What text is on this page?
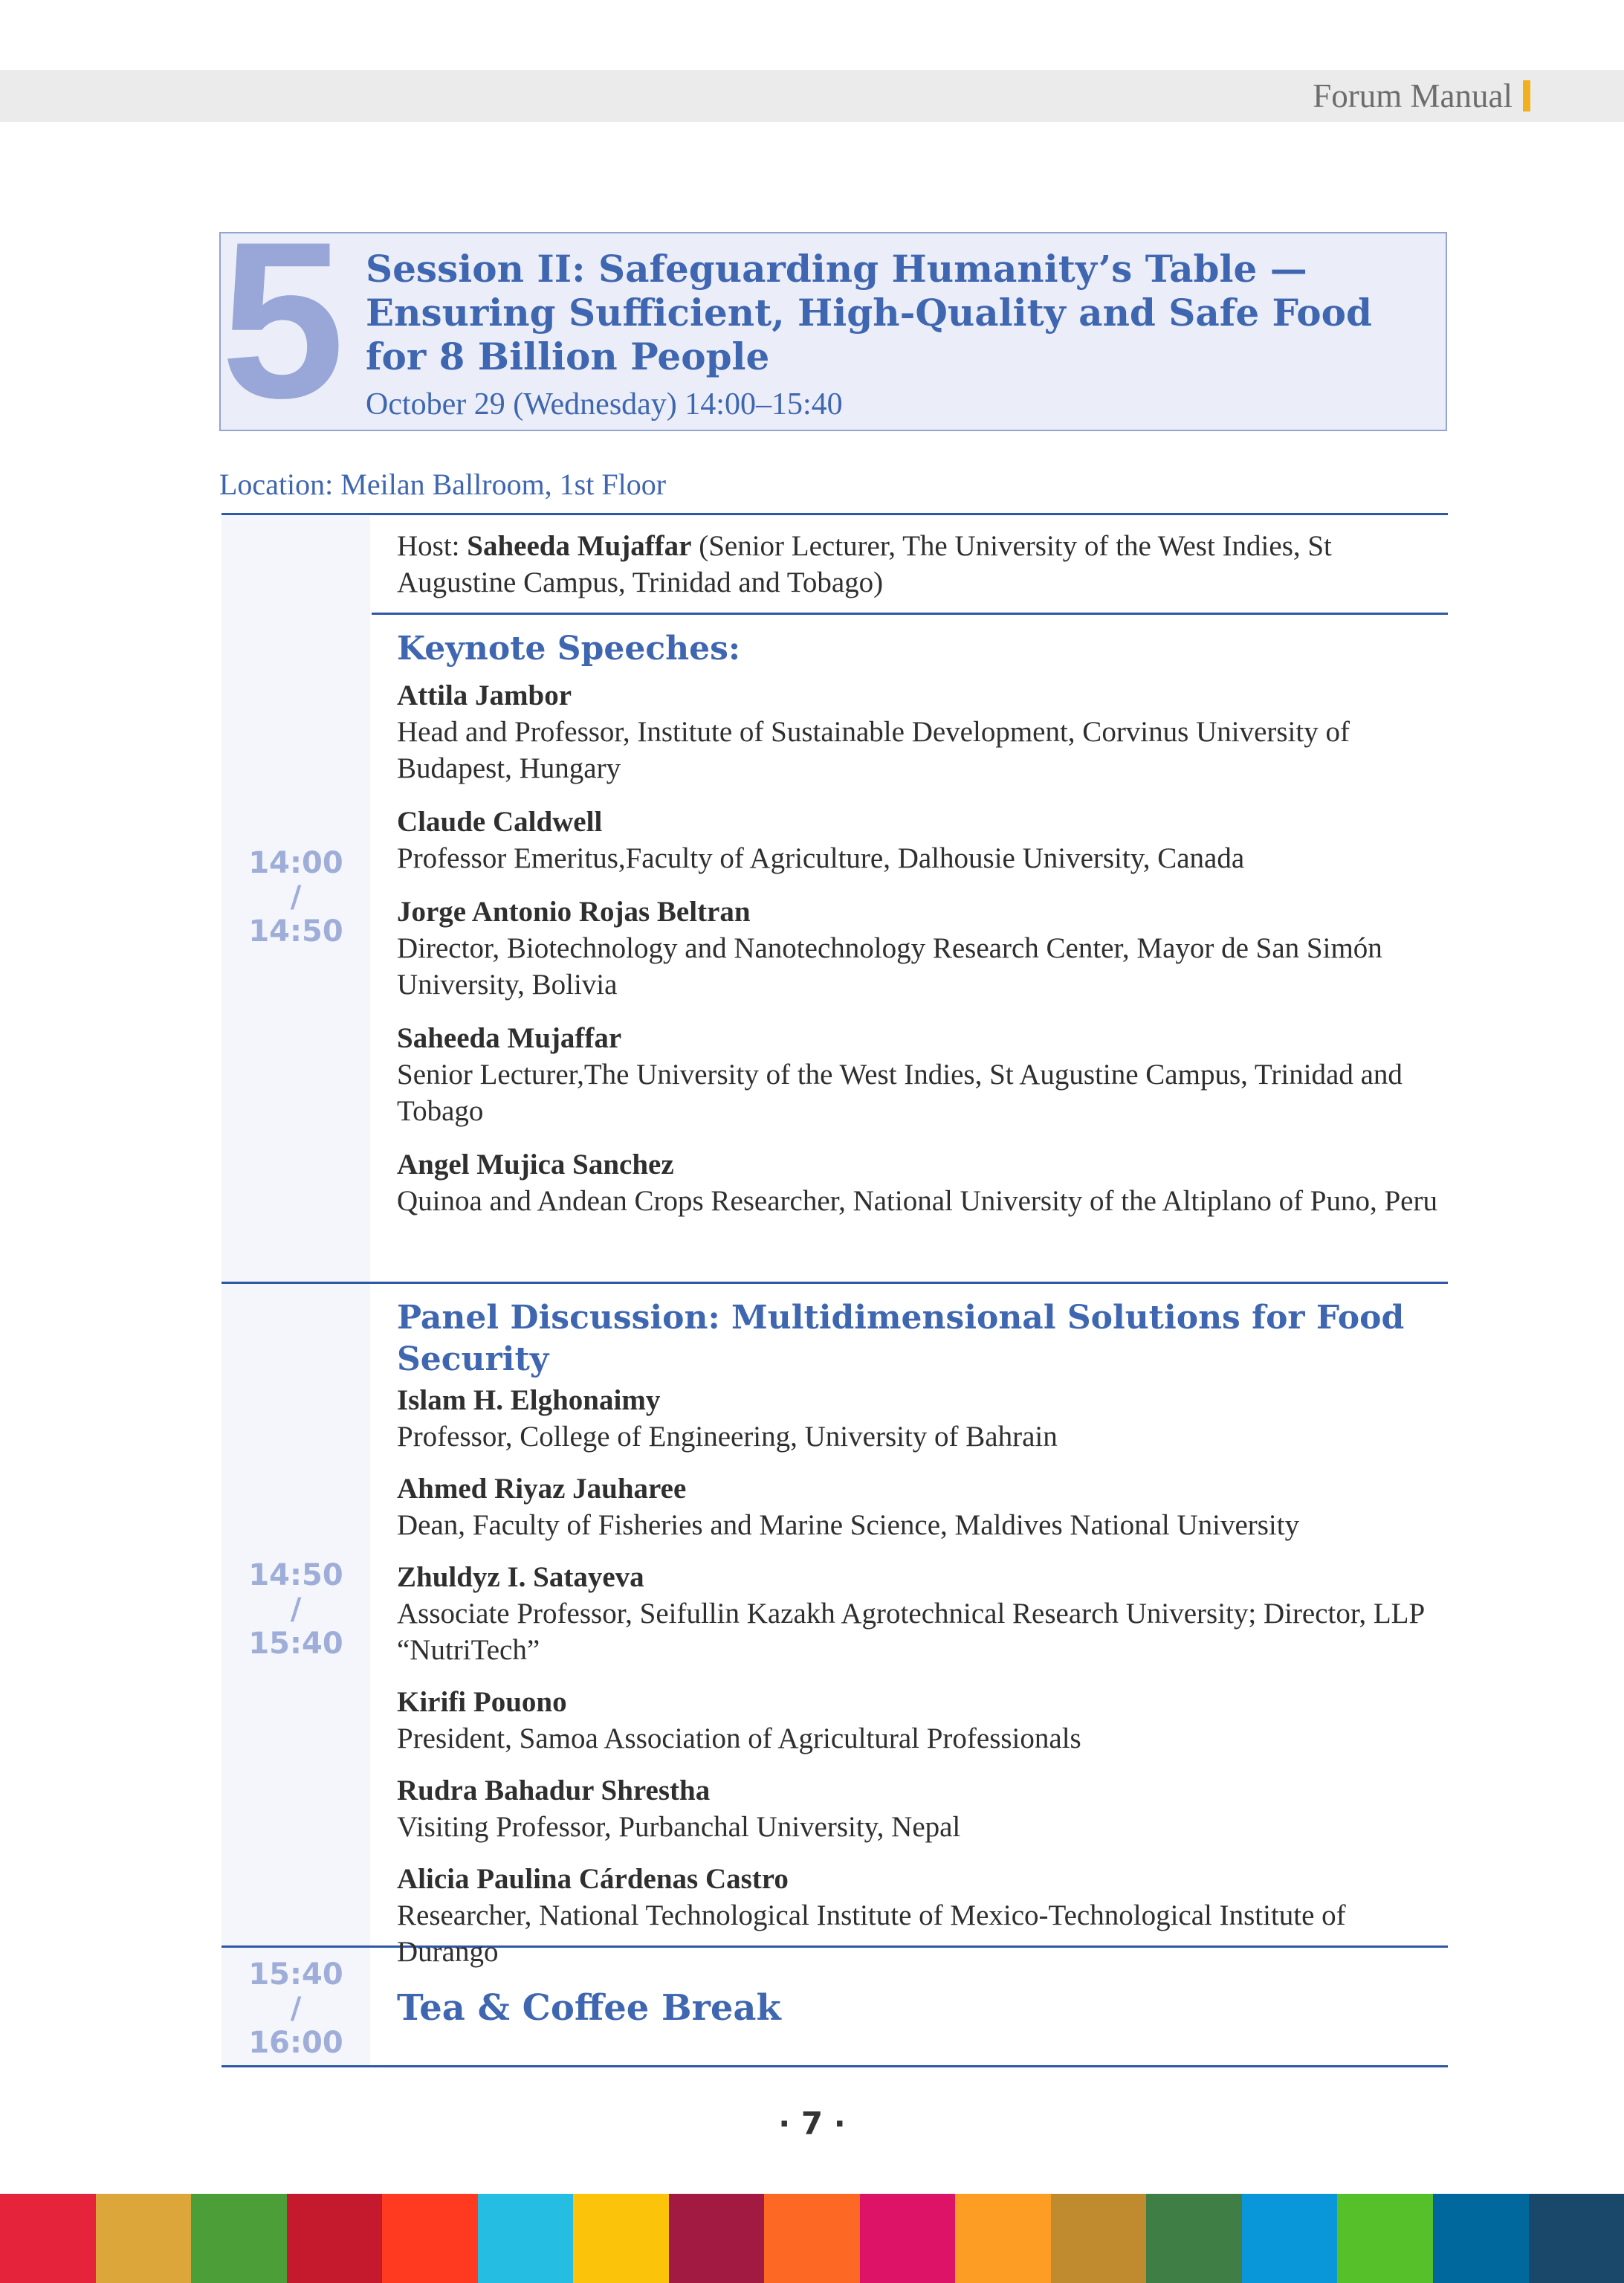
Forum Manual
5 Session II: Safeguarding Humanity’s Table — Ensuring Sufficient, High-Quality and Safe Food for 8 Billion People
October 29 (Wednesday) 14:00–15:40
Location: Meilan Ballroom, 1st Floor
14:00
/
14:50
14:50
/
15:40
15:40
/
16:00

Host: Saheeda Mujaffar (Senior Lecturer, The University of the West Indies, St Augustine Campus, Trinidad and Tobago)

Keynote Speeches:
Attila Jambor
Head and Professor, Institute of Sustainable Development, Corvinus University of Budapest, Hungary
Claude Caldwell
Professor Emeritus,Faculty of Agriculture, Dalhousie University, Canada
Jorge Antonio Rojas Beltran
Director, Biotechnology and Nanotechnology Research Center, Mayor de San Simón University, Bolivia
Saheeda Mujaffar
Senior Lecturer,The University of the West Indies, St Augustine Campus, Trinidad and Tobago
Angel Mujica Sanchez
Quinoa and Andean Crops Researcher, National University of the Altiplano of Puno, Peru
Panel Discussion: Multidimensional Solutions for Food Security
Islam H. Elghonaimy
Professor, College of Engineering, University of Bahrain
Ahmed Riyaz Jauharee
Dean, Faculty of Fisheries and Marine Science, Maldives National University
Zhuldyz I. Satayeva
Associate Professor, Seifullin Kazakh Agrotechnical Research University; Director, LLP “NutriTech”
Kirifi Pouono
President, Samoa Association of Agricultural Professionals
Rudra Bahadur Shrestha
Visiting Professor, Purbanchal University, Nepal
Alicia Paulina Cárdenas Castro
Researcher, National Technological Institute of Mexico-Technological Institute of Durango
Tea & Coffee Break
· 7 ·
